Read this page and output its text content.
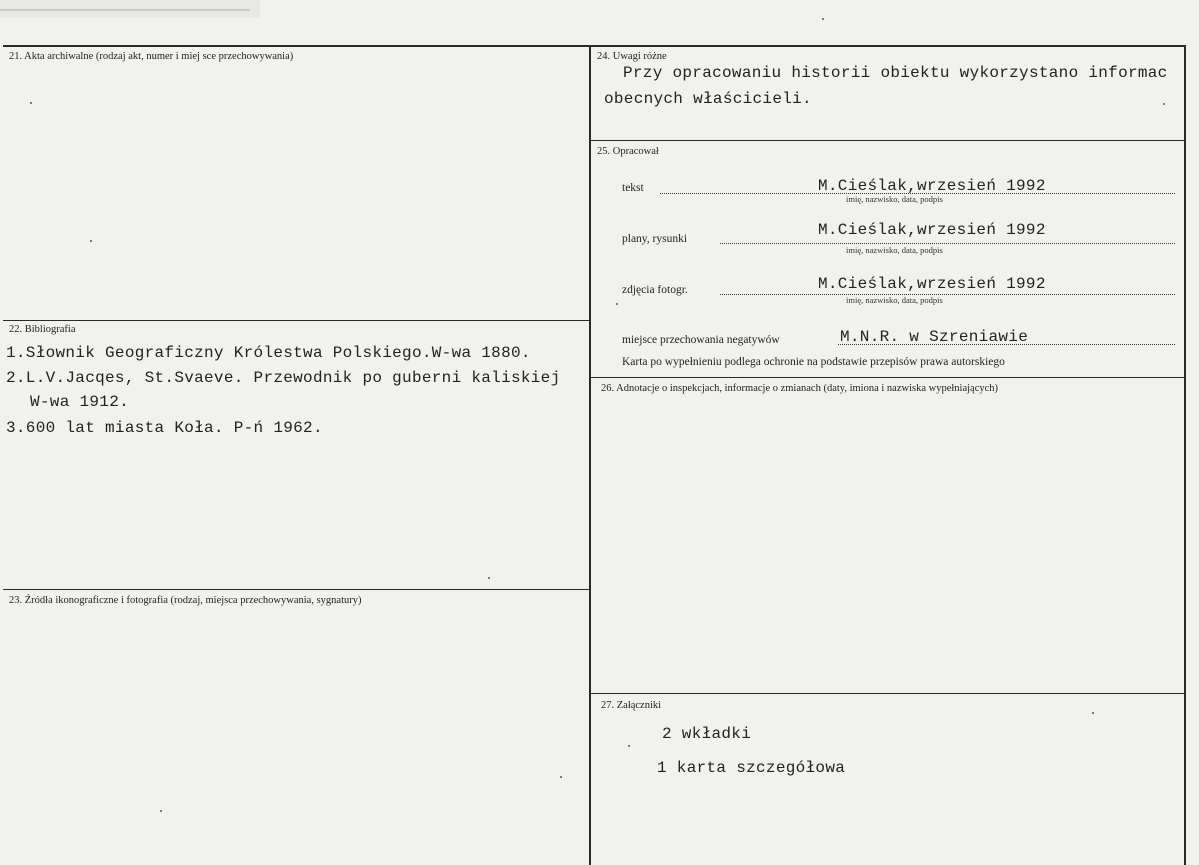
21. Akta archiwalne (rodzaj akt, numer i miej sce przechowywania)
22. Bibliografia
1.Słownik Geograficzny Królestwa Polskiego.W-wa 1880.
2.L.V.Jacqes, St.Svaeve. Przewodnik po guberni kaliskiej
W-wa 1912.
3.600 lat miasta Koła. P-ń 1962.
23. Źródła ikonograficzne i fotografia (rodzaj, miejsca przechowywania, sygnatury)
24. Uwagi różne
Przy opracowaniu historii obiektu wykorzystano informac
obecnych właścicieli.
25. Opracował
tekst	M.Cieślak,wrzesień 1992
imię, nazwisko, data, podpis
plany, rysunki	M.Cieślak,wrzesień 1992
imię, nazwisko, data, podpis
zdjęcia fotogr.	M.Cieślak,wrzesień 1992
imię, nazwisko, data, podpis
miejsce przechowania negatywów	M.N.R. w Szreniawie
Karta po wypełnieniu podlega ochronie na podstawie przepisów prawa autorskiego
26. Adnotacje o inspekcjach, informacje o zmianach (daty, imiona i nazwiska wypełniających)
27. Załączniki
2 wkładki
1 karta szczegółowa
